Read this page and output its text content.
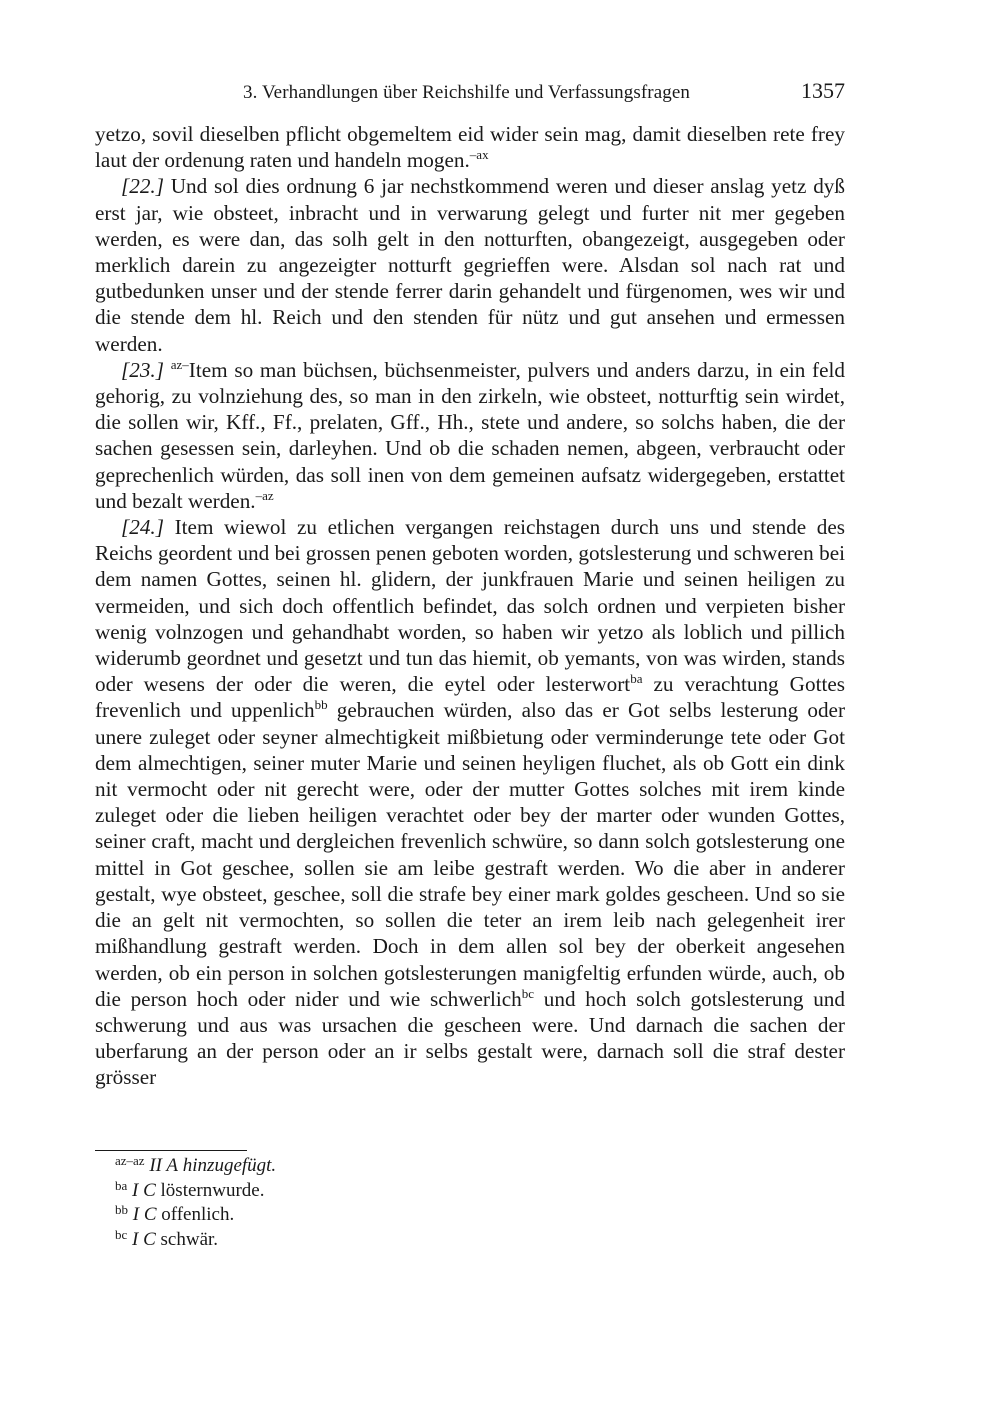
3. Verhandlungen über Reichshilfe und Verfassungsfragen	1357

yetzo, sovil dieselben pflicht obgemeltem eid wider sein mag, damit dieselben rete frey laut der ordenung raten und handeln mogen.$^{-ax}$

[22.] Und sol dies ordnung 6 jar nechstkommend weren und dieser anslag yetz dyß erst jar, wie obsteet, inbracht und in verwarung gelegt und furter nit mer gegeben werden, es were dan, das solh gelt in den notturften, obangezeigt, ausgegeben oder merklich darein zu angezeigter notturft gegrieffen were. Alsdan sol nach rat und gutbedunken unser und der stende ferrer darin gehandelt und fürgenomen, wes wir und die stende dem hl. Reich und den stenden für nütz und gut ansehen und ermessen werden.

[23.] $^{az-}$Item so man büchsen, büchsenmeister, pulvers und anders darzu, in ein feld gehorig, zu volnziehung des, so man in den zirkeln, wie obsteet, notturftig sein wirdet, die sollen wir, Kff., Ff., prelaten, Gff., Hh., stete und andere, so solchs haben, die der sachen gesessen sein, darleyhen. Und ob die schaden nemen, abgeen, verbraucht oder geprechenlich würden, das soll inen von dem gemeinen aufsatz widergegeben, erstattet und bezalt werden.$^{-az}$

[24.] Item wiewol zu etlichen vergangen reichstagen durch uns und stende des Reichs geordent und bei grossen penen geboten worden, gotslesterung und schweren bei dem namen Gottes, seinen hl. glidern, der junkfrauen Marie und seinen heiligen zu vermeiden, und sich doch offentlich befindet, das solch ordnen und verpieten bisher wenig volnzogen und gehandhabt worden, so haben wir yetzo als loblich und pillich widerumb geordnet und gesetzt und tun das hiemit, ob yemants, von was wirden, stands oder wesens der oder die weren, die eytel oder lesterwort$^{ba}$ zu verachtung Gottes frevenlich und uppenlich$^{bb}$ gebrauchen würden, also das er Got selbs lesterung oder unere zuleget oder seyner almechtigkeit mißbietung oder verminderunge tete oder Got dem almechtigen, seiner muter Marie und seinen heyligen fluchet, als ob Gott ein dink nit vermocht oder nit gerecht were, oder der mutter Gottes solches mit irem kinde zuleget oder die lieben heiligen verachtet oder bey der marter oder wunden Gottes, seiner craft, macht und dergleichen frevenlich schwüre, so dann solch gotslesterung one mittel in Got geschee, sollen sie am leibe gestraft werden. Wo die aber in anderer gestalt, wye obsteet, geschee, soll die strafe bey einer mark goldes gescheen. Und so sie die an gelt nit vermochten, so sollen die teter an irem leib nach gelegenheit irer mißhandlung gestraft werden. Doch in dem allen sol bey der oberkeit angesehen werden, ob ein person in solchen gotslesterungen manigfeltig erfunden würde, auch, ob die person hoch oder nider und wie schwerlich$^{bc}$ und hoch solch gotslesterung und schwerung und aus was ursachen die gescheen were. Und darnach die sachen der uberfarung an der person oder an ir selbs gestalt were, darnach soll die straf dester grösser

$^{az-az}$ II A hinzugefügt.
$^{ba}$ I C lösternwurde.
$^{bb}$ I C offenlich.
$^{bc}$ I C schwär.
